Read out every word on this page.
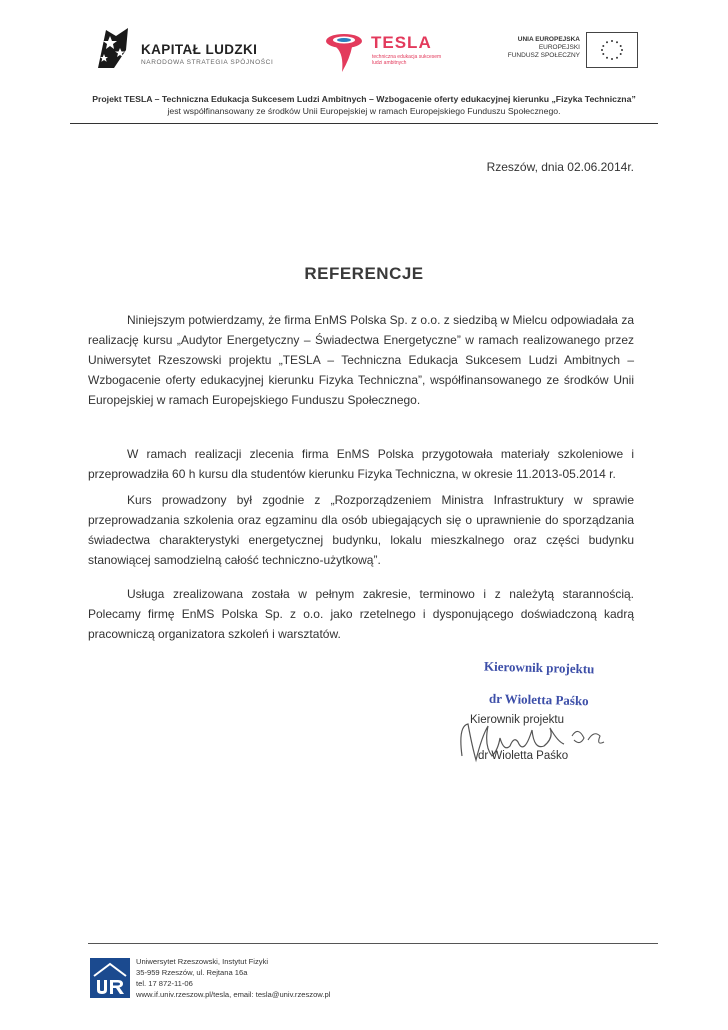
KAPITAŁ LUDZKI
NARODOWA STRATEGIA SPÓJNOŚCI
TESLA
techniczna edukacja sukcesem ludzi ambitnych
UNIA EUROPEJSKA
EUROPEJSKI
FUNDUSZ SPOŁECZNY
Projekt TESLA – Techniczna Edukacja Sukcesem Ludzi Ambitnych – Wzbogacenie oferty edukacyjnej kierunku „Fizyka Techniczna”
jest współfinansowany ze środków Unii Europejskiej w ramach Europejskiego Funduszu Społecznego.
Rzeszów, dnia 02.06.2014r.
REFERENCJE

Niniejszym potwierdzamy, że firma EnMS Polska Sp. z o.o. z siedzibą w Mielcu odpowiadała za realizację kursu „Audytor Energetyczny – Świadectwa Energetyczne” w ramach realizowanego przez Uniwersytet Rzeszowski projektu „TESLA – Techniczna Edukacja Sukcesem Ludzi Ambitnych – Wzbogacenie oferty edukacyjnej kierunku Fizyka Techniczna”, współfinansowanego ze środków Unii Europejskiej w ramach Europejskiego Funduszu Społecznego.

W ramach realizacji zlecenia firma EnMS Polska przygotowała materiały szkoleniowe i przeprowadziła 60 h kursu dla studentów kierunku Fizyka Techniczna, w okresie 11.2013-05.2014 r.

Kurs prowadzony był zgodnie z „Rozporządzeniem Ministra Infrastruktury w sprawie przeprowadzania szkolenia oraz egzaminu dla osób ubiegających się o uprawnienie do sporządzania świadectwa charakterystyki energetycznej budynku, lokalu mieszkalnego oraz części budynku stanowiącej samodzielną całość techniczno-użytkową”.

Usługa zrealizowana została w pełnym zakresie, terminowo i z należytą starannością. Polecamy firmę EnMS Polska Sp. z o.o. jako rzetelnego i dysponującego doświadczoną kadrą pracowniczą organizatora szkoleń i warsztatów.

Kierownik projektu
dr Wioletta Paśko
Kierownik projektu
dr Wioletta Paśko
Uniwersytet Rzeszowski, Instytut Fizyki
35-959 Rzeszów, ul. Rejtana 16a
tel. 17 872-11-06
www.if.univ.rzeszow.pl/tesla, email: tesla@univ.rzeszow.pl
